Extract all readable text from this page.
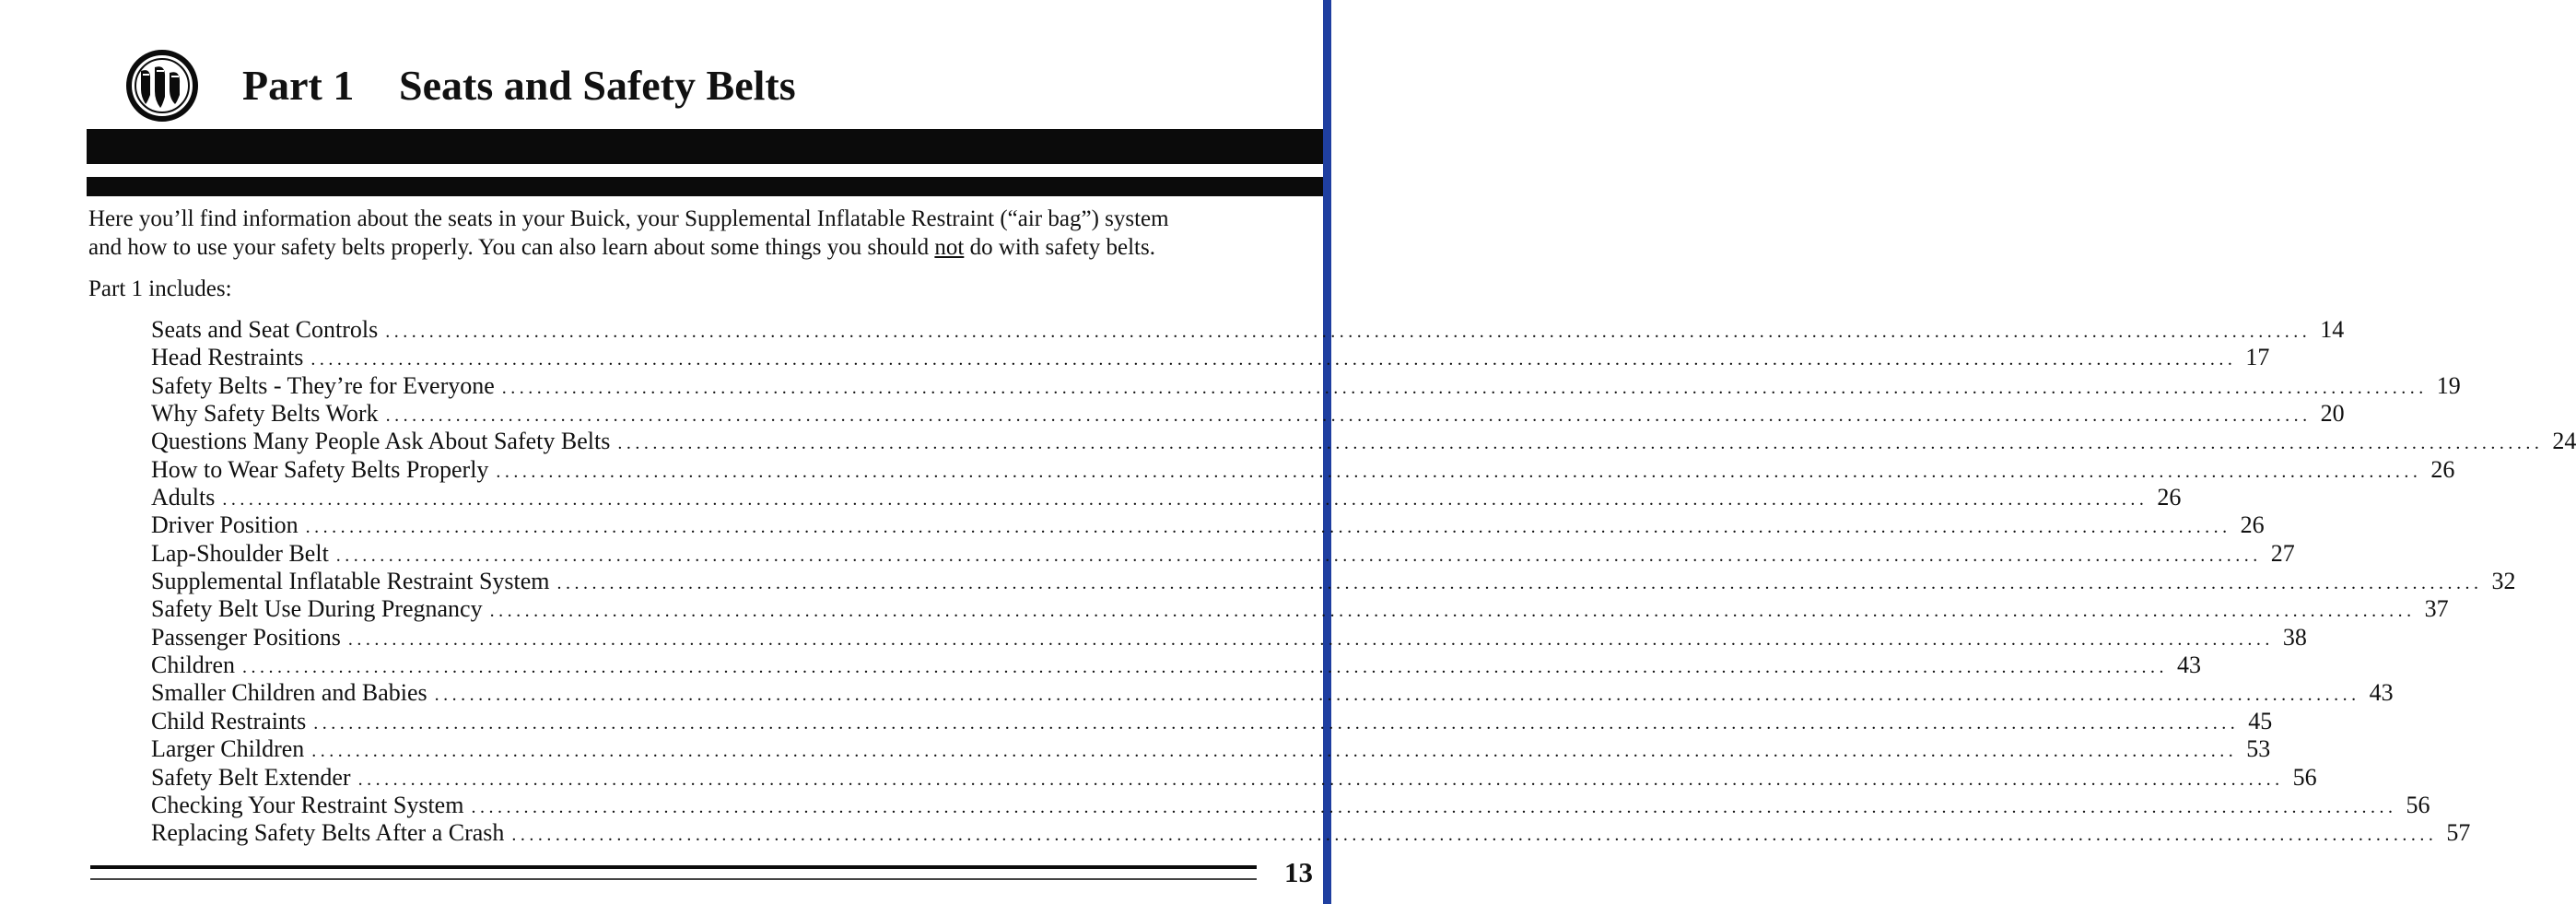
Part 1 Seats and Safety Belts

Here you’ll find information about the seats in your Buick, your Supplemental Inflatable Restraint (“air bag”) system

and how to use your safety belts properly. You can also learn about some things you should not do with safety belts.

Part 1 includes:
Seats and Seat Controls ............................................................................................................................................................................................................................ 14
Head Restraints ............................................................................................................................................................................................................................ 17
Safety Belts - They’re for Everyone ............................................................................................................................................................................................................................ 19
Why Safety Belts Work ............................................................................................................................................................................................................................ 20
Questions Many People Ask About Safety Belts ............................................................................................................................................................................................................................ 24
How to Wear Safety Belts Properly ............................................................................................................................................................................................................................ 26
Adults ............................................................................................................................................................................................................................ 26
Driver Position ............................................................................................................................................................................................................................ 26
Lap-Shoulder Belt ............................................................................................................................................................................................................................ 27
Supplemental Inflatable Restraint System ............................................................................................................................................................................................................................ 32
Safety Belt Use During Pregnancy ............................................................................................................................................................................................................................ 37
Passenger Positions ............................................................................................................................................................................................................................ 38
Children ............................................................................................................................................................................................................................ 43
Smaller Children and Babies ............................................................................................................................................................................................................................ 43
Child Restraints ............................................................................................................................................................................................................................ 45
Larger Children ............................................................................................................................................................................................................................ 53
Safety Belt Extender ............................................................................................................................................................................................................................ 56
Checking Your Restraint System ............................................................................................................................................................................................................................ 56
Replacing Safety Belts After a Crash ............................................................................................................................................................................................................................ 57
13
